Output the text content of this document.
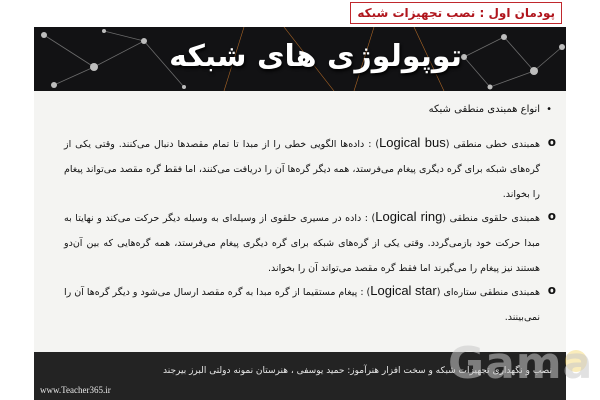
پودمان اول : نصب تجهیزات شبکه
توپولوژی های شبکه
•انواع همبندی منطقی شبکه
o
همبندی خطی منطقی (Logical bus) : داده‌ها الگویی خطی را از مبدا تا تمام مقصدها دنبال می‌کنند. وقتی یکی از گره‌های شبکه برای گره دیگری پیغام می‌فرستد، همه دیگر گره‌ها آن را دریافت می‌کنند، اما فقط گره مقصد می‌تواند پیغام را بخواند.
o
همبندی حلقوی منطقی (Logical ring) : داده در مسیری حلقوی از وسیله‌ای به وسیله دیگر حرکت می‌کند و نهایتا به مبدا حرکت خود بازمی‌گردد. وقتی یکی از گره‌های شبکه برای گره دیگری پیغام می‌فرستد، همه گره‌هایی که بین آن‌دو هستند نیز پیغام را می‌گیرند اما فقط گره مقصد می‌تواند آن را بخواند.
o
همبندی منطقی ستاره‌ای (Logical star) : پیغام مستقیما از گره مبدا به گره مقصد ارسال می‌شود و دیگر گره‌ها آن را نمی‌بینند.
نصب و نگهداری تجهیزات شبکه و سخت افزار هنرآموز: حمید یوسفی ، هنرستان نمونه دولتی البرز بیرجند
www.Teacher365.ir
Gama
